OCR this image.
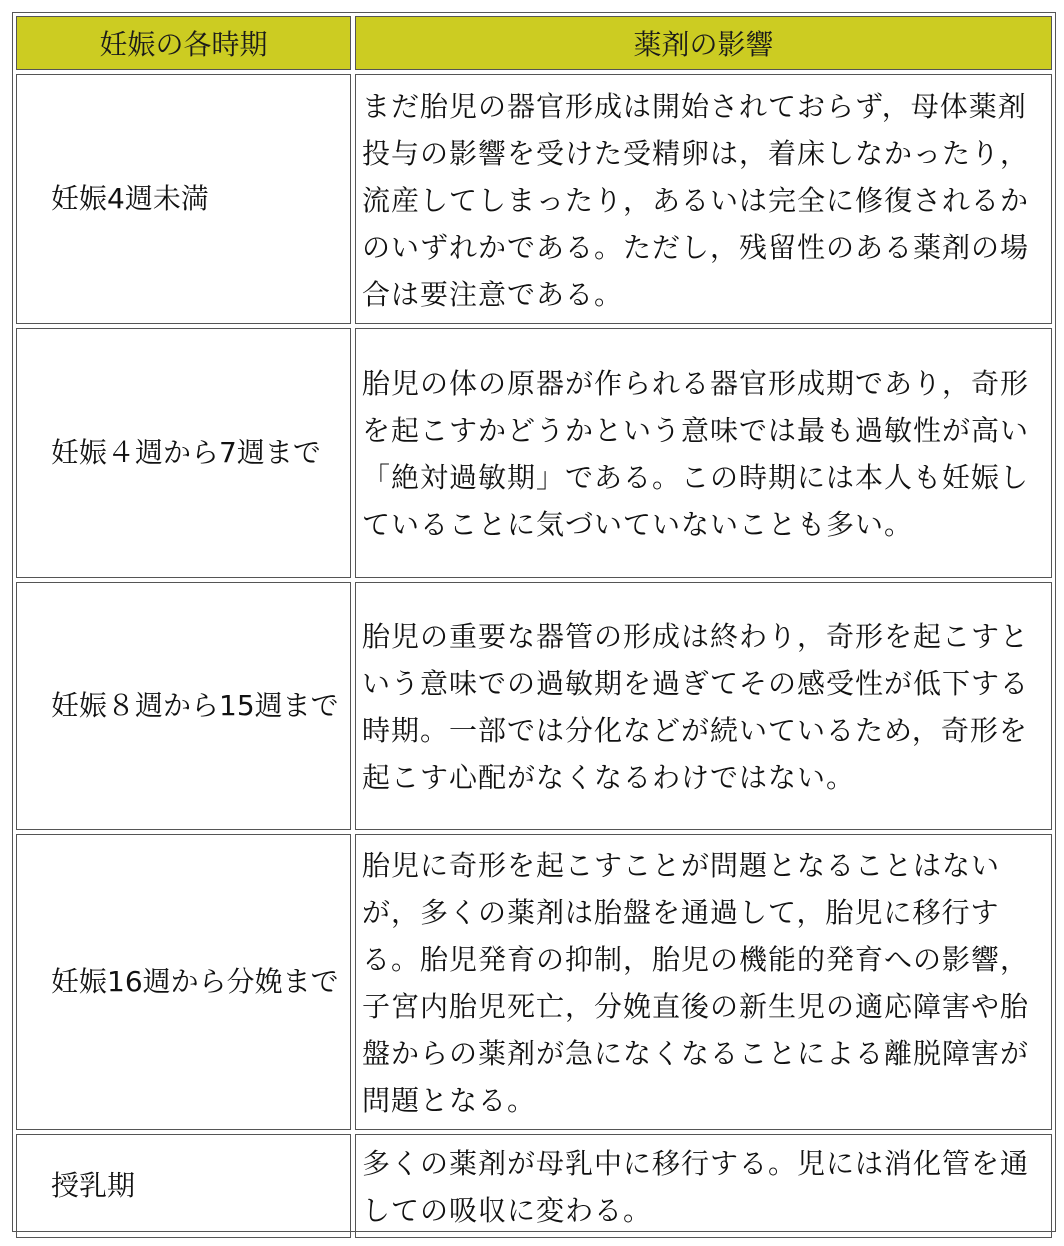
妊娠の各時期	薬剤の影響
妊娠4週未満	まだ胎児の器官形成は開始されておらず，母体薬剤投与の影響を受けた受精卵は，着床しなかったり，流産してしまったり，あるいは完全に修復されるかのいずれかである。ただし，残留性のある薬剤の場合は要注意である。
妊娠４週から7週まで	胎児の体の原器が作られる器官形成期であり，奇形を起こすかどうかという意味では最も過敏性が高い「絶対過敏期」である。この時期には本人も妊娠していることに気づいていないことも多い。
妊娠８週から15週まで	胎児の重要な器管の形成は終わり，奇形を起こすという意味での過敏期を過ぎてその感受性が低下する時期。一部では分化などが続いているため，奇形を起こす心配がなくなるわけではない。
妊娠16週から分娩まで	胎児に奇形を起こすことが問題となることはないが，多くの薬剤は胎盤を通過して，胎児に移行する。胎児発育の抑制，胎児の機能的発育への影響，子宮内胎児死亡，分娩直後の新生児の適応障害や胎盤からの薬剤が急になくなることによる離脱障害が問題となる。
授乳期	多くの薬剤が母乳中に移行する。児には消化管を通しての吸収に変わる。
